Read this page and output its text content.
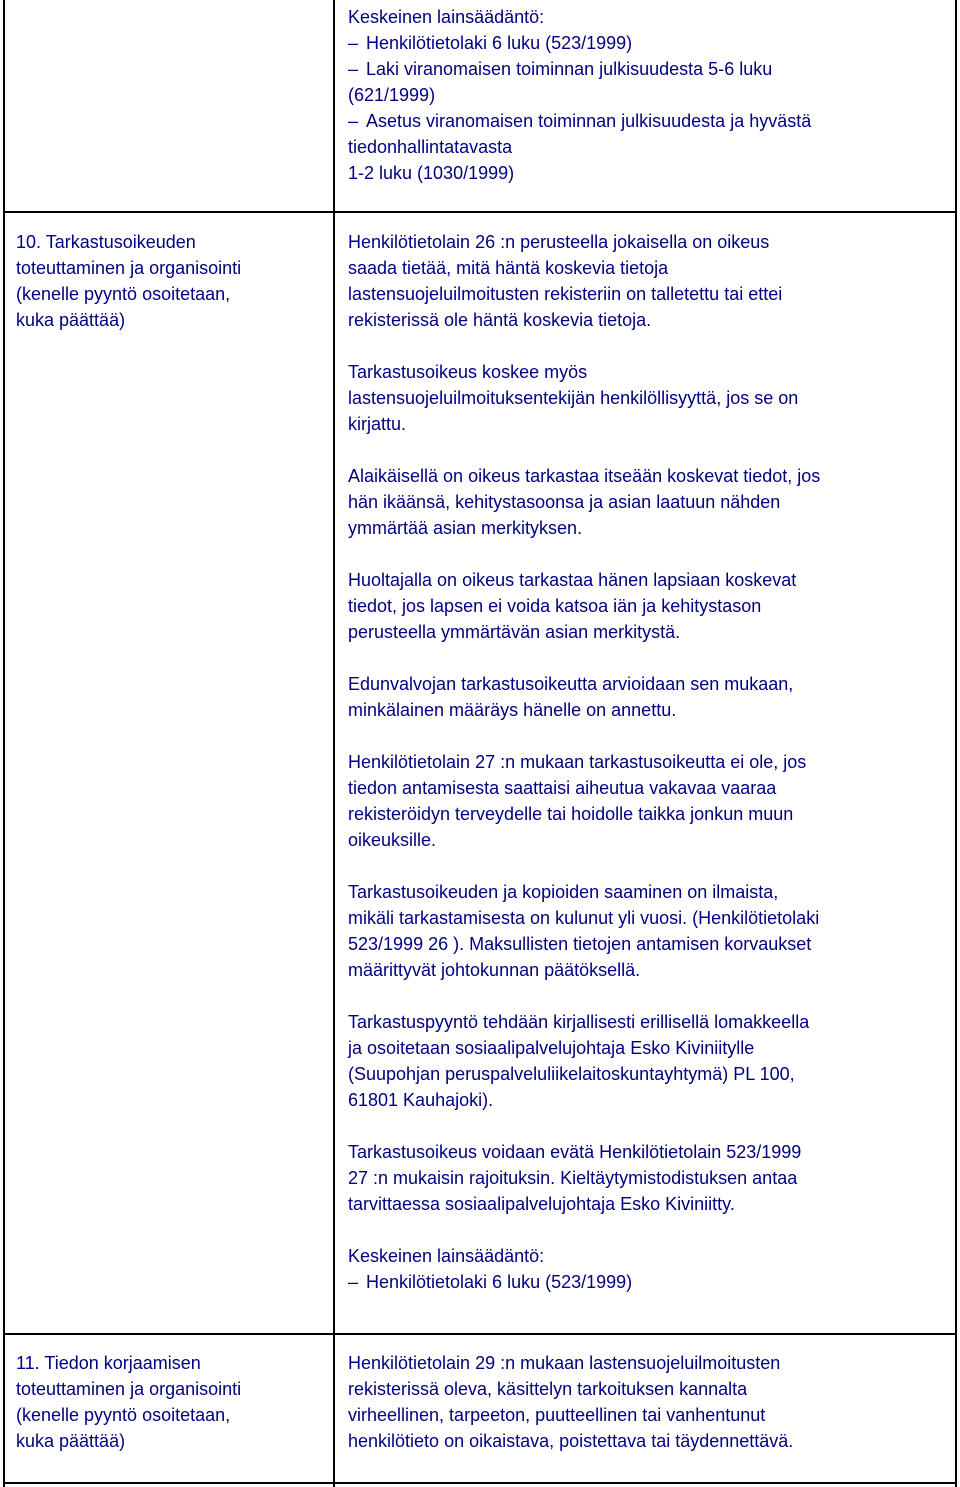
Keskeinen lainsäädäntö:
– Henkilötietolaki 6 luku (523/1999)
– Laki viranomaisen toiminnan julkisuudesta 5-6 luku
(621/1999)
– Asetus viranomaisen toiminnan julkisuudesta ja hyvästä
tiedonhallintatavasta
1-2 luku (1030/1999)
10. Tarkastusoikeuden
toteuttaminen ja organisointi
(kenelle pyyntö osoitetaan,
kuka päättää)

Henkilötietolain 26 :n perusteella jokaisella on oikeus
saada tietää, mitä häntä koskevia tietoja
lastensuojeluilmoitusten rekisteriin on talletettu tai ettei
rekisterissä ole häntä koskevia tietoja.

Tarkastusoikeus koskee myös
lastensuojeluilmoituksentekijän henkilöllisyyttä, jos se on
kirjattu.

Alaikäisellä on oikeus tarkastaa itseään koskevat tiedot, jos
hän ikäänsä, kehitystasoonsa ja asian laatuun nähden
ymmärtää asian merkityksen.

Huoltajalla on oikeus tarkastaa hänen lapsiaan koskevat
tiedot, jos lapsen ei voida katsoa iän ja kehitystason
perusteella ymmärtävän asian merkitystä.

Edunvalvojan tarkastusoikeutta arvioidaan sen mukaan,
minkälainen määräys hänelle on annettu.

Henkilötietolain 27 :n mukaan tarkastusoikeutta ei ole, jos
tiedon antamisesta saattaisi aiheutua vakavaa vaaraa
rekisteröidyn terveydelle tai hoidolle taikka jonkun muun
oikeuksille.

Tarkastusoikeuden ja kopioiden saaminen on ilmaista,
mikäli tarkastamisesta on kulunut yli vuosi. (Henkilötietolaki
523/1999 26 ). Maksullisten tietojen antamisen korvaukset
määrittyvät johtokunnan päätöksellä.

Tarkastuspyyntö tehdään kirjallisesti erillisellä lomakkeella
ja osoitetaan sosiaalipalvelujohtaja Esko Kiviniitylle
(Suupohjan peruspalveluliikelaitoskuntayhtymä) PL 100,
61801 Kauhajoki).

Tarkastusoikeus voidaan evätä Henkilötietolain 523/1999
27 :n mukaisin rajoituksin. Kieltäytymistodistuksen antaa
tarvittaessa sosiaalipalvelujohtaja Esko Kiviniitty.

Keskeinen lainsäädäntö:
– Henkilötietolaki 6 luku (523/1999)
11. Tiedon korjaamisen
toteuttaminen ja organisointi
(kenelle pyyntö osoitetaan,
kuka päättää)

Henkilötietolain 29 :n mukaan lastensuojeluilmoitusten
rekisterissä oleva, käsittelyn tarkoituksen kannalta
virheellinen, tarpeeton, puutteellinen tai vanhentunut
henkilötieto on oikaistava, poistettava tai täydennettävä.
